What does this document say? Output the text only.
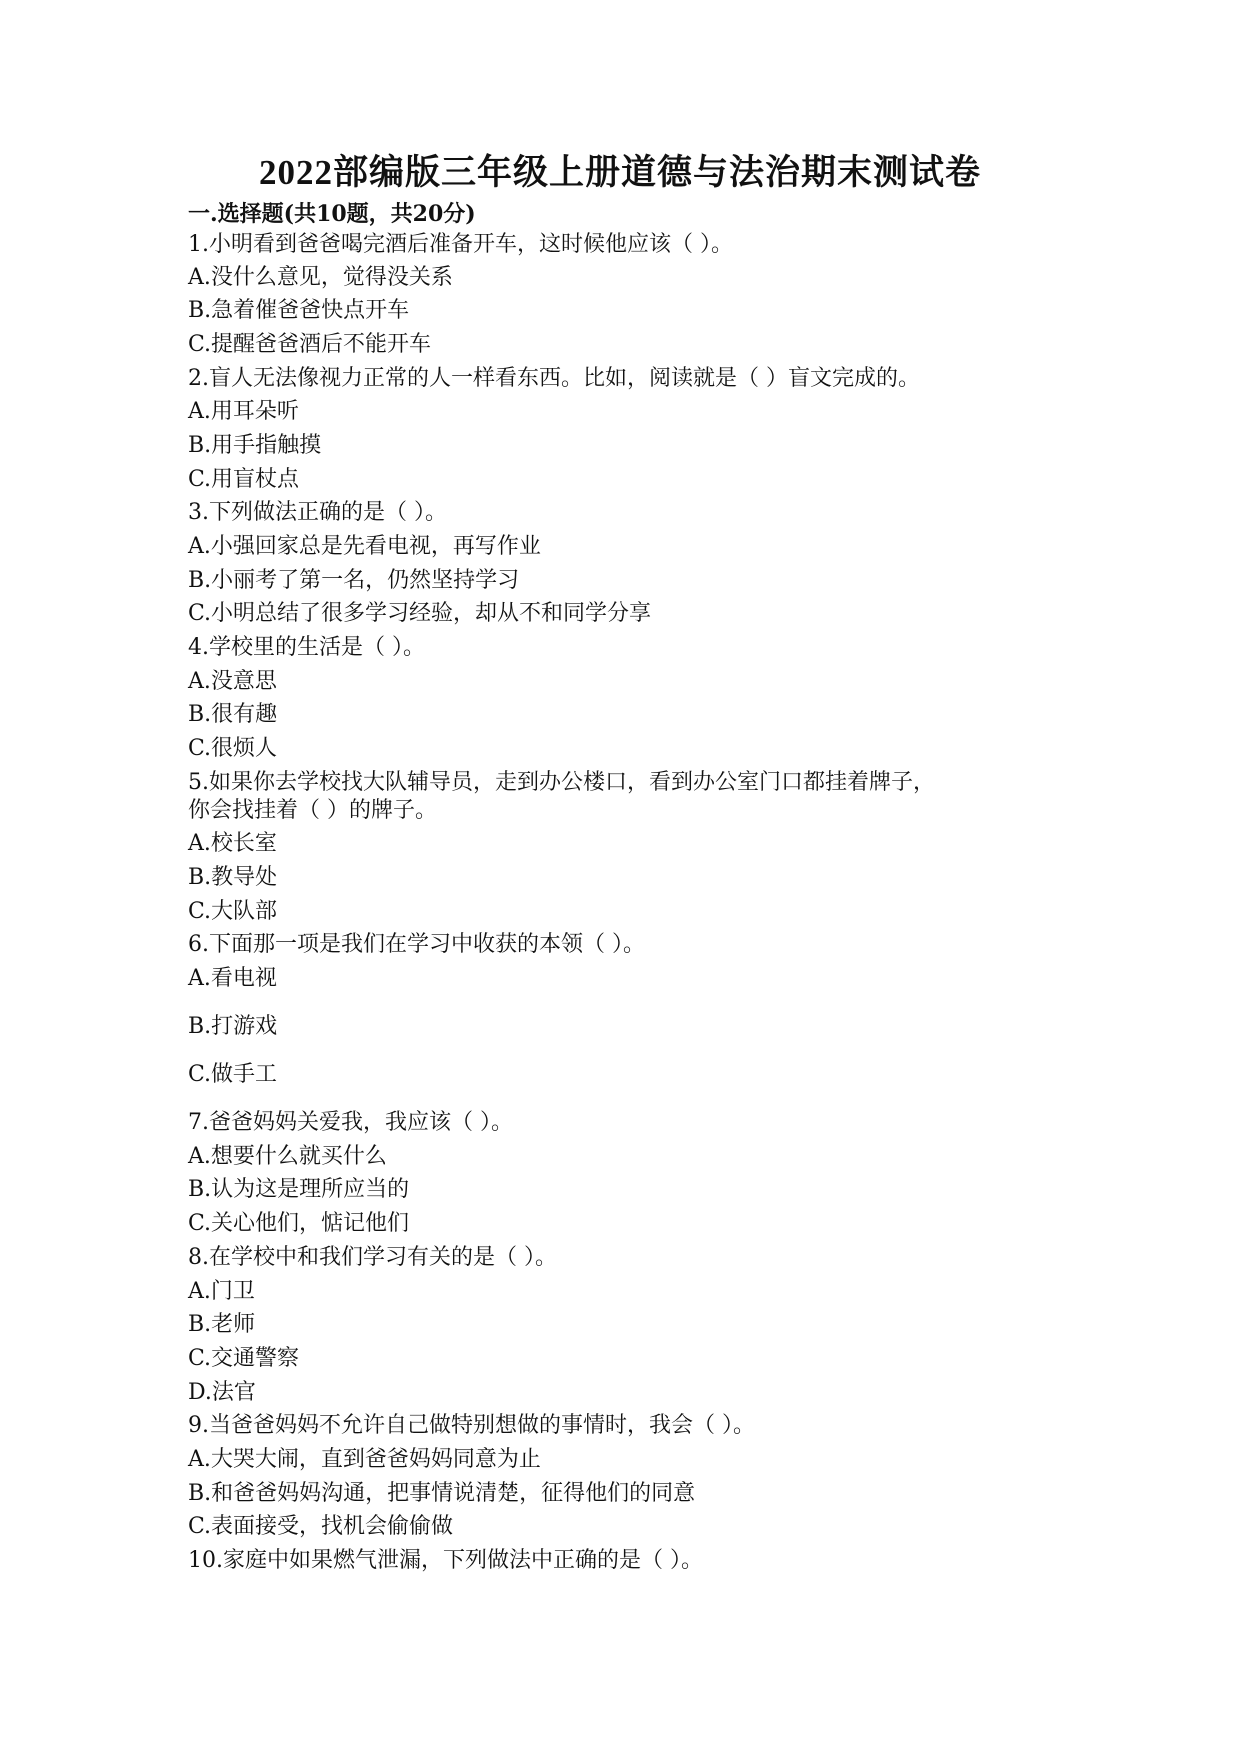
2022部编版三年级上册道德与法治期末测试卷
一.选择题(共10题，共20分)
1.小明看到爸爸喝完酒后准备开车，这时候他应该（ ）。
A.没什么意见，觉得没关系
B.急着催爸爸快点开车
C.提醒爸爸酒后不能开车
2.盲人无法像视力正常的人一样看东西。比如，阅读就是（ ）盲文完成的。
A.用耳朵听
B.用手指触摸
C.用盲杖点
3.下列做法正确的是（ ）。
A.小强回家总是先看电视，再写作业
B.小丽考了第一名，仍然坚持学习
C.小明总结了很多学习经验，却从不和同学分享
4.学校里的生活是（ ）。
A.没意思
B.很有趣
C.很烦人
5.如果你去学校找大队辅导员，走到办公楼口，看到办公室门口都挂着牌子，
你会找挂着（ ）的牌子。
A.校长室
B.教导处
C.大队部
6.下面那一项是我们在学习中收获的本领（ ）。
A.看电视
B.打游戏
C.做手工
7.爸爸妈妈关爱我，我应该（ ）。
A.想要什么就买什么
B.认为这是理所应当的
C.关心他们，惦记他们
8.在学校中和我们学习有关的是（ ）。
A.门卫
B.老师
C.交通警察
D.法官
9.当爸爸妈妈不允许自己做特别想做的事情时，我会（ ）。
A.大哭大闹，直到爸爸妈妈同意为止
B.和爸爸妈妈沟通，把事情说清楚，征得他们的同意
C.表面接受，找机会偷偷做
10.家庭中如果燃气泄漏，下列做法中正确的是（ ）。
